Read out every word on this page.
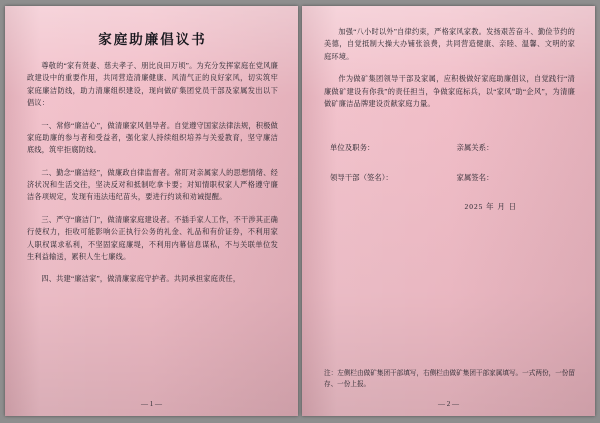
家庭助廉倡议书

尊敬的“家有贤妻、慈夫孝子、朋比良田万顷”。为充分发挥家庭在党风廉政建设中的重要作用，共同营造清廉健康、风清气正的良好家风，切实筑牢家庭廉洁防线，助力清廉组织建设，现向做矿集团党员干部及家属发出以下倡议：

一、常修“廉洁心”，做清廉家风倡导者。自觉遵守国家法律法规，积极做家庭助廉的参与者和受益者，强化家人持续组织培养与关爱教育，坚守廉洁底线，筑牢拒腐防线。

二、勤念“廉洁经”，做廉政自律监督者。常盯对亲属家人的思想情绪、经济状况和生活交往，坚决反对和抵制吃拿卡要；对知情职权家人严格遵守廉洁各项规定，发现有违法违纪苗头，要进行约谈和劝诫提醒。

三、严守“廉洁门”，做清廉家庭建设者。不插手家人工作，不干涉其正确行使权力，拒收可能影响公正执行公务的礼金、礼品和有价证券，不利用家人职权谋求私利，不坚固家庭廉堤，不利用内幕信息谋私，不与关联单位发生利益输送，累积人生七廉线。

四、共建“廉洁家”，做清廉家庭守护者。共同承担家庭责任，

— 1 —

加强“八小时以外”自律约束，严格家风家教。发扬艰苦奋斗、勤俭节约的美德，自觉抵制大操大办铺张浪费，共同营造健康、亲睦、温馨、文明的家庭环境。

作为做矿集团领导干部及家属，应积极做好家庭助廉倡议，自觉践行“清廉做矿建设有你我”的责任担当，争做家庭标兵，以“家风”助“企风”，为清廉做矿廉洁品牌建设贡献家庭力量。

单位及职务：	亲属关系：
领导干部（签名）：	家属签名：
2025 年 月 日
注：左侧栏由做矿集团干部填写，右侧栏由做矿集团干部家属填写。一式两份，一份留存、一份上报。
— 2 —
